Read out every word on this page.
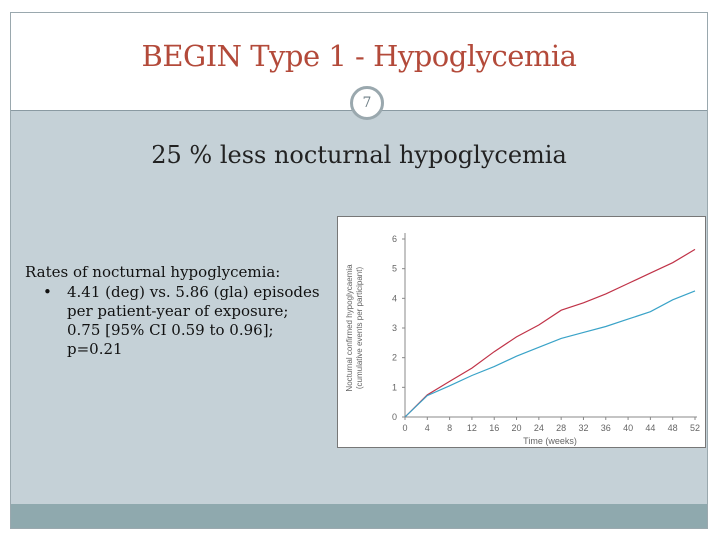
BEGIN Type 1 - Hypoglycemia
7
25 % less nocturnal hypoglycemia
Rates of nocturnal hypoglycemia:
•	4.41 (deg) vs. 5.86 (gla) episodes per patient-year of exposure; 0.75 [95% CI 0.59 to 0.96]; p=0.21
0
1
2
3
4
5
6
0 4 8 12 16 20 24 28 32 36 40 44 48 52
Time (weeks)
Nocturnal confirmed hypoglycaemia (cumulative events per participant)
